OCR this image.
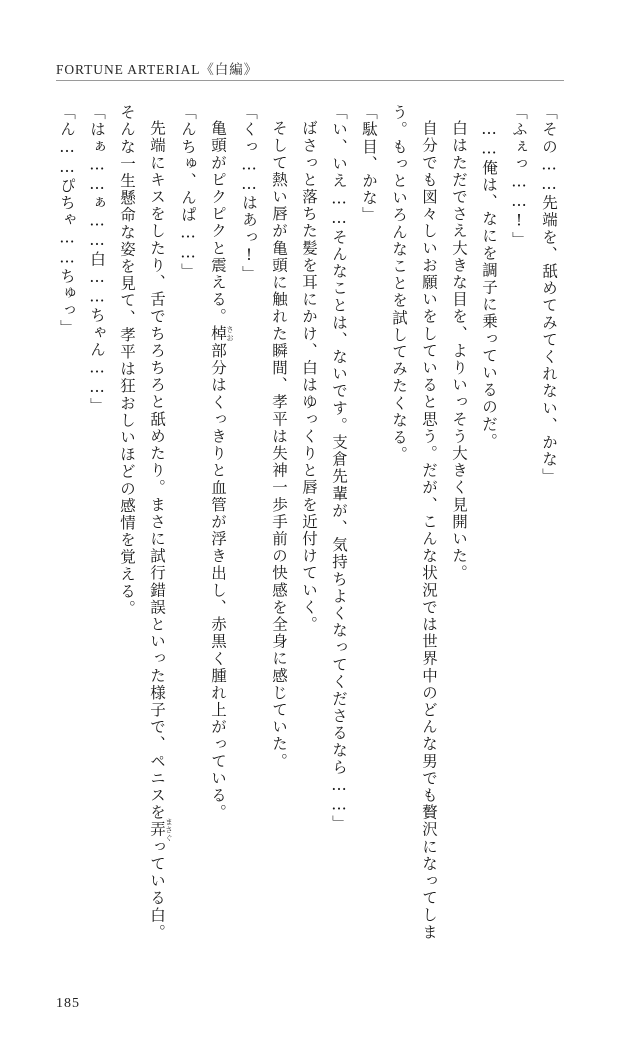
FORTUNE ARTERIAL《白編》

「その……先端を、舐めてみてくれない、かな」

「ふぇっ……!」

……俺は、なにを調子に乗っているのだ。

白はただでさえ大きな目を、よりいっそう大きく見開いた。

自分でも図々しいお願いをしていると思う。だが、こんな状況では世界中のどんな男でも贅沢になってしまう。もっといろんなことを試してみたくなる。

「駄目、かな」

「い、いえ……そんなことは、ないです。支倉先輩が、気持ちよくなってくださるなら……」

ばさっと落ちた髪を耳にかけ、白はゆっくりと唇を近付けていく。

そして熱い唇が亀頭に触れた瞬間、孝平は失神一歩手前の快感を全身に感じていた。

「くっ……はあっ!」

亀頭がピクピクと震える。棹さお部分はくっきりと血管が浮き出し、赤黒く腫れ上がっている。

「んちゅ、んぱ……」

先端にキスをしたり、舌でちろちろと舐めたり。まさに試行錯誤といった様子で、ペニスを弄まさぐっている白。そんな一生懸命な姿を見て、孝平は狂おしいほどの感情を覚える。

「はぁ……ぁ……白……ちゃん……」

「ん……ぴちゃ……ちゅっ」

185
